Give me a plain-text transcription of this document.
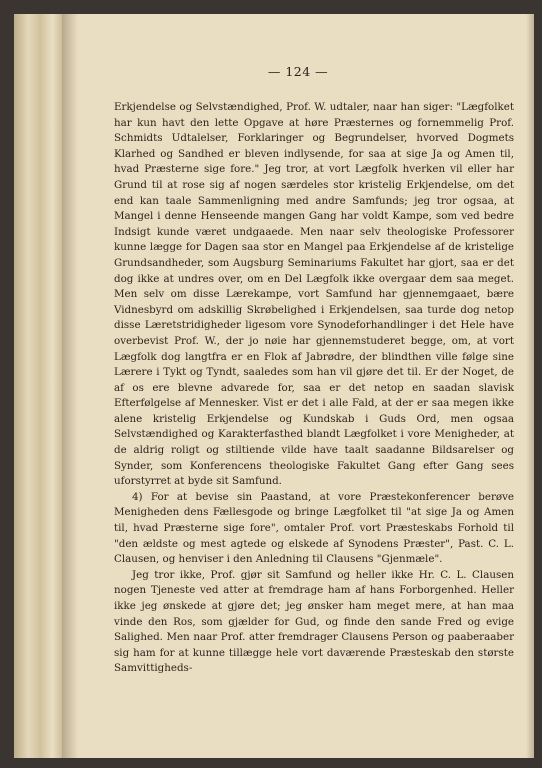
— 124 —

Erkjendelse og Selvstændighed, Prof. W. udtaler, naar han siger: "Lægfolket har kun havt den lette Opgave at høre Præsternes og fornemmelig Prof. Schmidts Udtalelser, Forklaringer og Begrundelser, hvorved Dogmets Klarhed og Sandhed er bleven indlysende, for saa at sige Ja og Amen til, hvad Præsterne sige fore." Jeg tror, at vort Lægfolk hverken vil eller har Grund til at rose sig af nogen særdeles stor kristelig Erkjendelse, om det end kan taale Sammenligning med andre Samfunds; jeg tror ogsaa, at Mangel i denne Henseende mangen Gang har voldt Kampe, som ved bedre Indsigt kunde været undgaaede. Men naar selv theologiske Professorer kunne lægge for Dagen saa stor en Mangel paa Erkjendelse af de kristelige Grundsandheder, som Augsburg Seminariums Fakultet har gjort, saa er det dog ikke at undres over, om en Del Lægfolk ikke overgaar dem saa meget. Men selv om disse Lærekampe, vort Samfund har gjennemgaaet, bære Vidnesbyrd om adskillig Skrøbelighed i Erkjendelsen, saa turde dog netop disse Læretstridigheder ligesom vore Synodeforhandlinger i det Hele have overbevist Prof. W., der jo nøie har gjennemstuderet begge, om, at vort Lægfolk dog langtfra er en Flok af Jabrødre, der blindthen ville følge sine Lærere i Tykt og Tyndt, saaledes som han vil gjøre det til. Er der Noget, de af os ere blevne advarede for, saa er det netop en saadan slavisk Efterfølgelse af Mennesker. Vist er det i alle Fald, at der er saa megen ikke alene kristelig Erkjendelse og Kundskab i Guds Ord, men ogsaa Selvstændighed og Karakterfasthed blandt Lægfolket i vore Menigheder, at de aldrig roligt og stiltiende vilde have taalt saadanne Bildsarelser og Synder, som Konferencens theologiske Fakultet Gang efter Gang sees uforstyrret at byde sit Samfund.

4) For at bevise sin Paastand, at vore Præstekonferencer berøve Menigheden dens Fællesgode og bringe Lægfolket til "at sige Ja og Amen til, hvad Præsterne sige fore", omtaler Prof. vort Præsteskabs Forhold til "den ældste og mest agtede og elskede af Synodens Præster", Past. C. L. Clausen, og henviser i den Anledning til Clausens "Gjenmæle".

Jeg tror ikke, Prof. gjør sit Samfund og heller ikke Hr. C. L. Clausen nogen Tjeneste ved atter at fremdrage ham af hans Forborgenhed. Heller ikke jeg ønskede at gjøre det; jeg ønsker ham meget mere, at han maa vinde den Ros, som gjælder for Gud, og finde den sande Fred og evige Salighed. Men naar Prof. atter fremdrager Clausens Person og paaberaaber sig ham for at kunne tillægge hele vort daværende Præsteskab den største Samvittigheds-
